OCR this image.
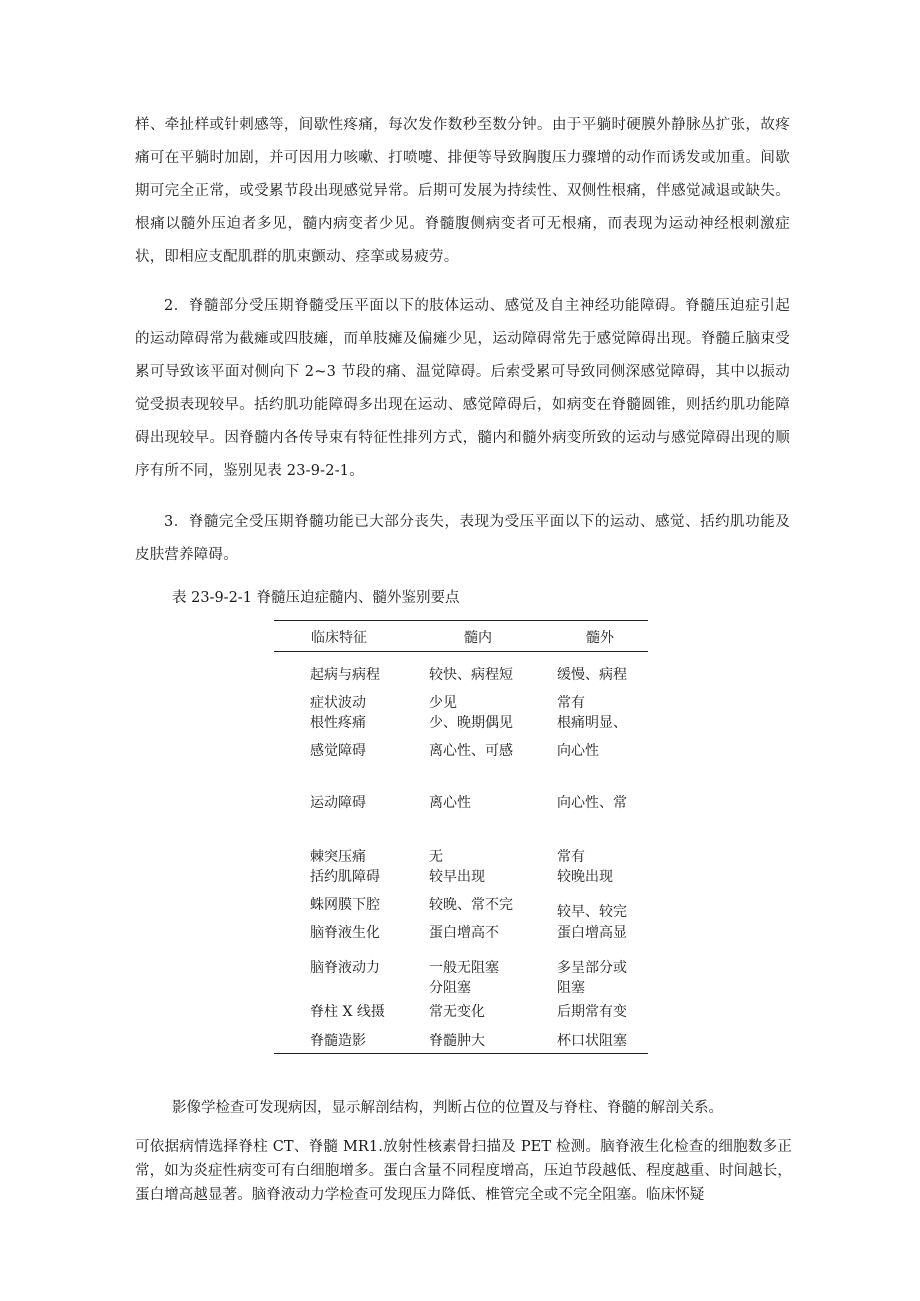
样、牵扯样或针刺感等，间歇性疼痛，每次发作数秒至数分钟。由于平躺时硬膜外静脉丛扩张，故疼痛可在平躺时加剧，并可因用力咳嗽、打喷嚏、排便等导致胸腹压力骤增的动作而诱发或加重。间歇期可完全正常，或受累节段出现感觉异常。后期可发展为持续性、双侧性根痛，伴感觉减退或缺失。根痛以髓外压迫者多见，髓内病变者少见。脊髓腹侧病变者可无根痛，而表现为运动神经根刺激症状，即相应支配肌群的肌束颤动、痉挛或易疲劳。

2．脊髓部分受压期脊髓受压平面以下的肢体运动、感觉及自主神经功能障碍。脊髓压迫症引起的运动障碍常为截瘫或四肢瘫，而单肢瘫及偏瘫少见，运动障碍常先于感觉障碍出现。脊髓丘脑束受累可导致该平面对侧向下 2~3 节段的痛、温觉障碍。后索受累可导致同侧深感觉障碍，其中以振动觉受损表现较早。括约肌功能障碍多出现在运动、感觉障碍后，如病变在脊髓圆锥，则括约肌功能障碍出现较早。因脊髓内各传导束有特征性排列方式，髓内和髓外病变所致的运动与感觉障碍出现的顺序有所不同，鉴别见表 23-9-2-1。

3．脊髓完全受压期脊髓功能已大部分丧失，表现为受压平面以下的运动、感觉、括约肌功能及皮肤营养障碍。

表 23-9-2-1 脊髓压迫症髓内、髓外鉴别要点

临床特征	髓内	髓外
起病与病程	较快、病程短	缓慢、病程
症状波动	少见	常有
根性疼痛	少、晚期偶见	根痛明显、
感觉障碍	离心性、可感	向心性
运动障碍	离心性	向心性、常
棘突压痛	无	常有
括约肌障碍	较早出现	较晚出现
蛛网膜下腔	较晚、常不完	较早、较完
脑脊液生化	蛋白增高不	蛋白增高显
脑脊液动力	一般无阻塞	多呈部分或
分阻塞	阻塞
脊柱 X 线摄	常无变化	后期常有变
脊髓造影	脊髓肿大	杯口状阻塞

影像学检查可发现病因，显示解剖结构，判断占位的位置及与脊柱、脊髓的解剖关系。

可依据病情选择脊柱 CT、脊髓 MR1.放射性核素骨扫描及 PET 检测。脑脊液生化检查的细胞数多正常，如为炎症性病变可有白细胞增多。蛋白含量不同程度增高，压迫节段越低、程度越重、时间越长，蛋白增高越显著。脑脊液动力学检查可发现压力降低、椎管完全或不完全阻塞。临床怀疑
